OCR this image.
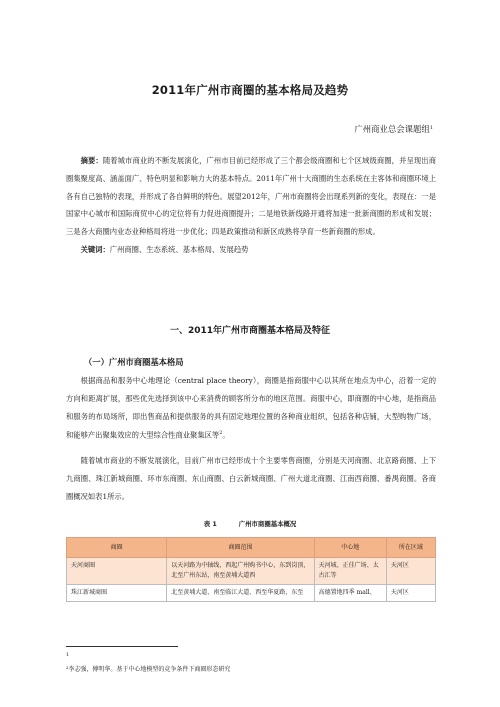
2011年广州市商圈的基本格局及趋势
广州商业总会课题组$^1$
摘要：随着城市商业的不断发展演化，广州市目前已经形成了三个都会级商圈和七个区域级商圈，并呈现出商圈集聚度高、涵盖面广、特色明显和影响力大的基本特点。2011年广州十大商圈的生态系统在主客体和商圈环境上各有自己独特的表现，并形成了各自鲜明的特色。展望2012年，广州市商圈将会出现系列新的变化，表现在：一是国家中心城市和国际商贸中心的定位将有力促进商圈提升；二是地铁新线路开通将加速一批新商圈的形成和发展；三是各大商圈内业态业种格局将进一步优化；四是政策推动和新区成熟将孕育一些新商圈的形成。
关键词：广州商圈、生态系统、基本格局、发展趋势
一、2011年广州市商圈基本格局及特征
（一）广州市商圈基本格局
根据商品和服务中心地理论（central place theory），商圈是指商服中心以其所在地点为中心，沿着一定的方向和距离扩展，那些优先选择到该中心来消费的顾客所分布的地区范围。商服中心，即商圈的中心地，是指商品和服务的布局场所，即出售商品和提供服务的具有固定地理位置的各种商业组织，包括各种店铺，大型购物广场，和能够产出聚集效应的大型综合性商业聚集区等$^2$。
随着城市商业的不断发展演化，目前广州市已经形成十个主要零售商圈，分别是天河商圈、北京路商圈、上下九商圈、珠江新城商圈、环市东商圈、东山商圈、白云新城商圈、广州大道北商圈、江南西商圈、番禺商圈。各商圈概况如表1所示。
表 1	广州市商圈基本概况
商圈	商圈范围	中心地	所在区域
天河商圈	以天河路为中轴线，西起广州购书中心，东到岗顶，北至广州东站，南至黄埔大道西	天河城、正佳广场、太古汇等	天河区
珠江新城商圈	北至黄埔大道、南至临江大道、西至华夏路，东至	高德置地四季 mall、	天河区
1
²李志强，傅明华。基于中心地模型的竞争条件下商圈形态研究
